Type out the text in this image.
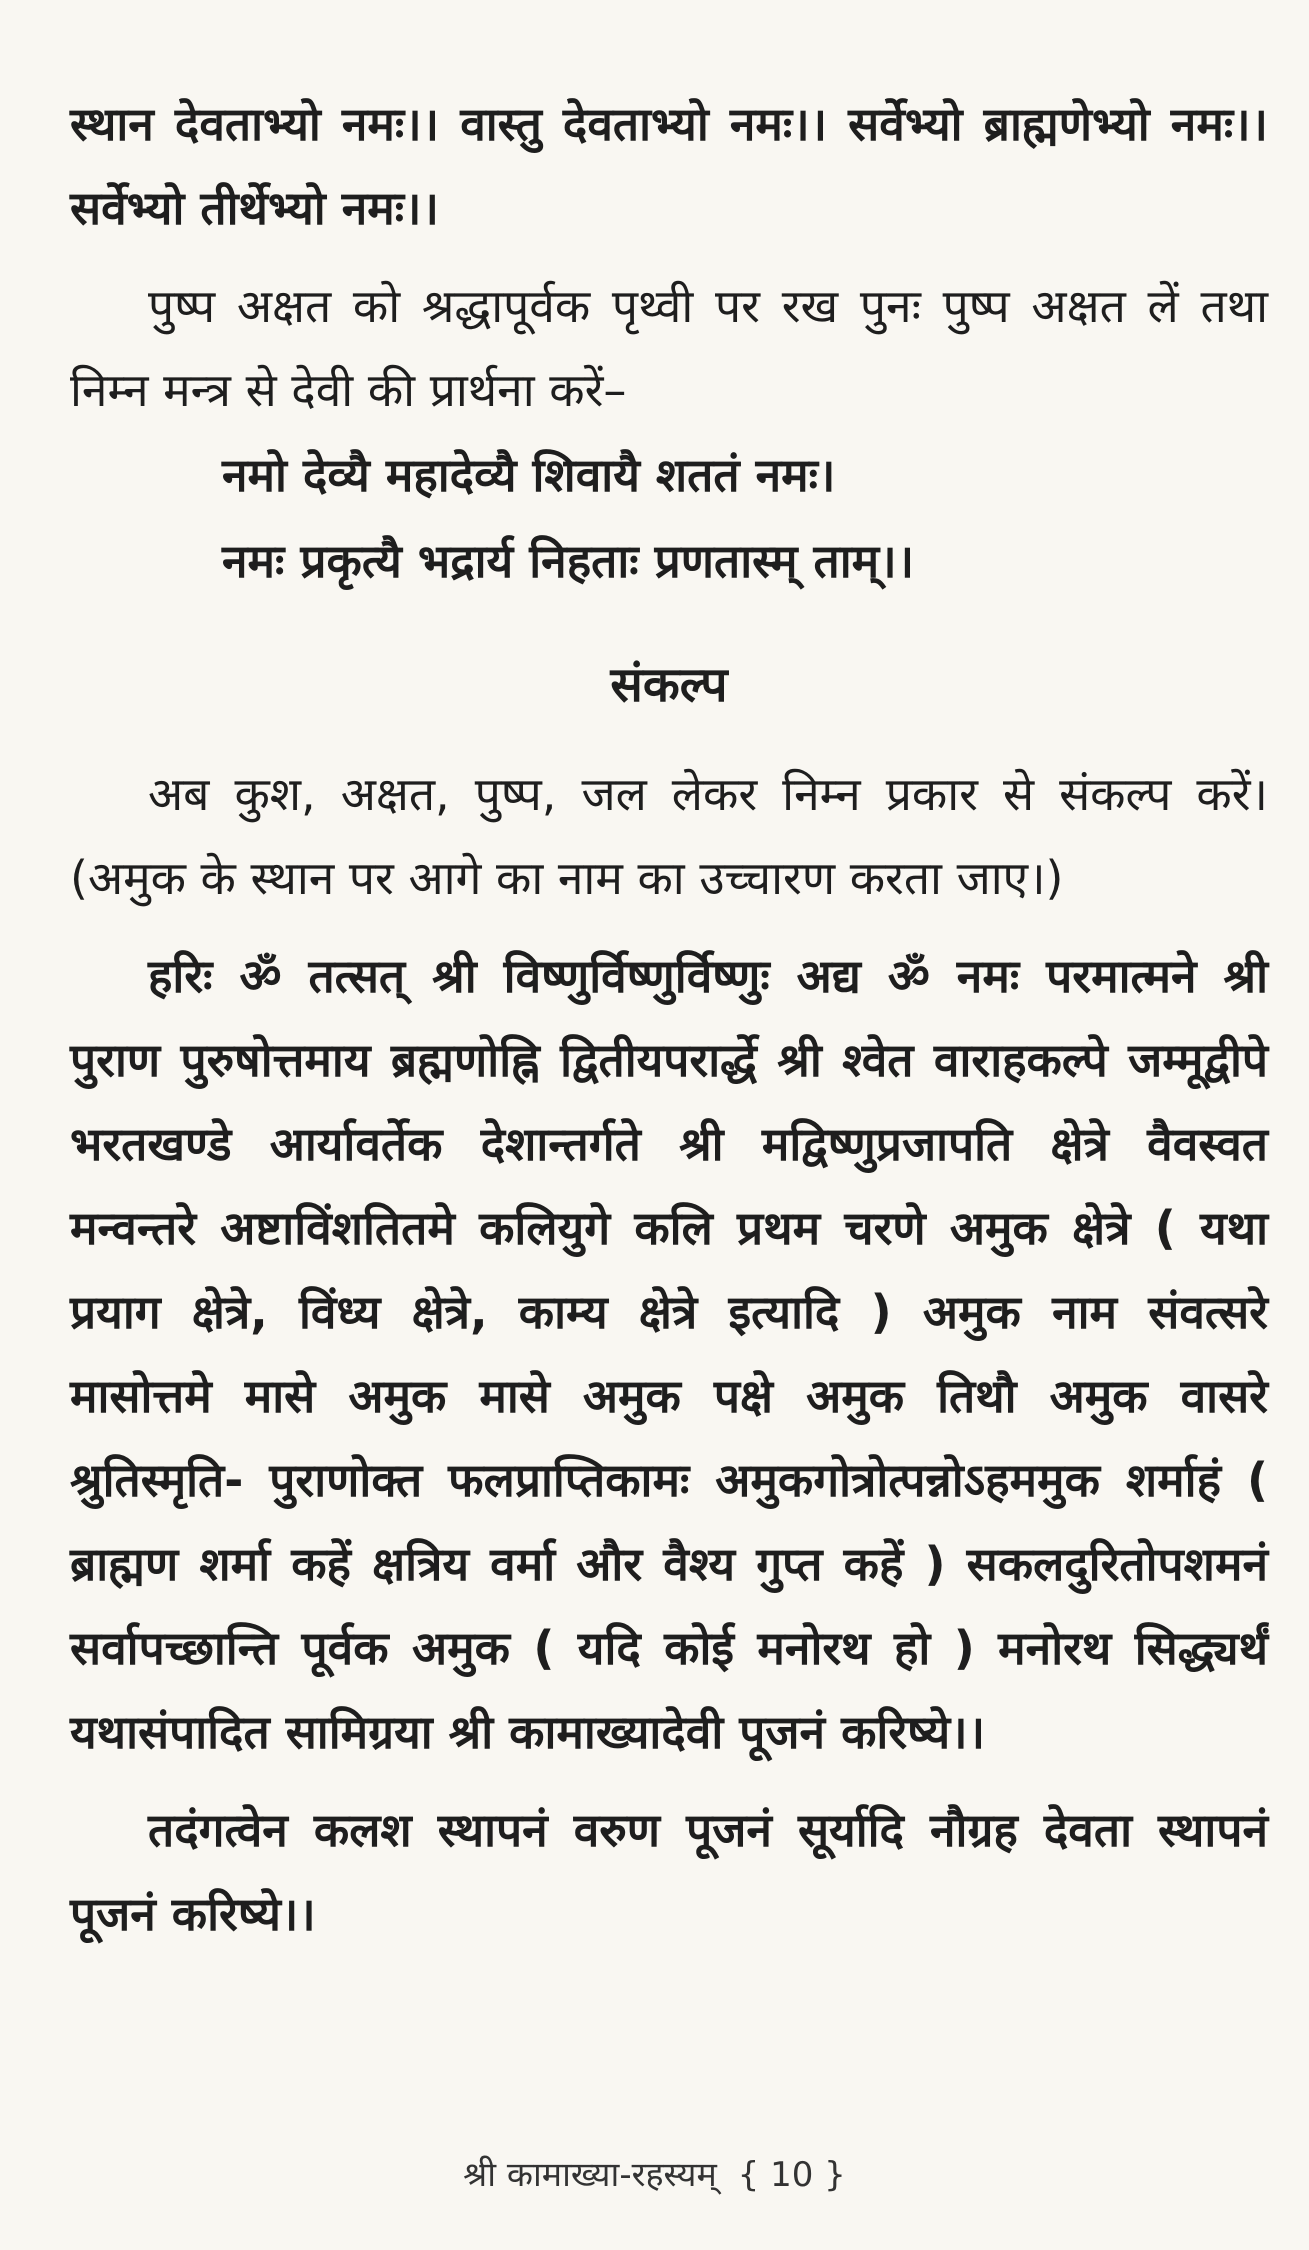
स्थान देवताभ्यो नमः।। वास्तु देवताभ्यो नमः।। सर्वेभ्यो ब्राह्मणेभ्यो नमः।। सर्वेभ्यो तीर्थेभ्यो नमः।।

पुष्प अक्षत को श्रद्धापूर्वक पृथ्वी पर रख पुनः पुष्प अक्षत लें तथा निम्न मन्त्र से देवी की प्रार्थना करें–

नमो देव्यै महादेव्यै शिवायै शततं नमः।

नमः प्रकृत्यै भद्रार्य निहताः प्रणतास्म् ताम्।।

संकल्प

अब कुश, अक्षत, पुष्प, जल लेकर निम्न प्रकार से संकल्प करें। (अमुक के स्थान पर आगे का नाम का उच्चारण करता जाए।)

हरिः ॐ तत्सत् श्री विष्णुर्विष्णुर्विष्णुः अद्य ॐ नमः परमात्मने श्री पुराण पुरुषोत्तमाय ब्रह्मणोह्नि द्वितीयपरार्द्धे श्री श्वेत वाराहकल्पे जम्मूद्वीपे भरतखण्डे आर्यावर्तेक देशान्तर्गते श्री मद्विष्णुप्रजापति क्षेत्रे वैवस्वत मन्वन्तरे अष्टाविंशतितमे कलियुगे कलि प्रथम चरणे अमुक क्षेत्रे ( यथा प्रयाग क्षेत्रे, विंध्य क्षेत्रे, काम्य क्षेत्रे इत्यादि ) अमुक नाम संवत्सरे मासोत्तमे मासे अमुक मासे अमुक पक्षे अमुक तिथौ अमुक वासरे श्रुतिस्मृति- पुराणोक्त फलप्राप्तिकामः अमुकगोत्रोत्पन्नोऽहममुक शर्माहं ( ब्राह्मण शर्मा कहें क्षत्रिय वर्मा और वैश्य गुप्त कहें ) सकलदुरितोपशमनं सर्वापच्छान्ति पूर्वक अमुक ( यदि कोई मनोरथ हो ) मनोरथ सिद्ध्यर्थं यथासंपादित सामिग्रया श्री कामाख्यादेवी पूजनं करिष्ये।।

तदंगत्वेन कलश स्थापनं वरुण पूजनं सूर्यादि नौग्रह देवता स्थापनं पूजनं करिष्ये।।

श्री कामाख्या-रहस्यम् { 10 }
